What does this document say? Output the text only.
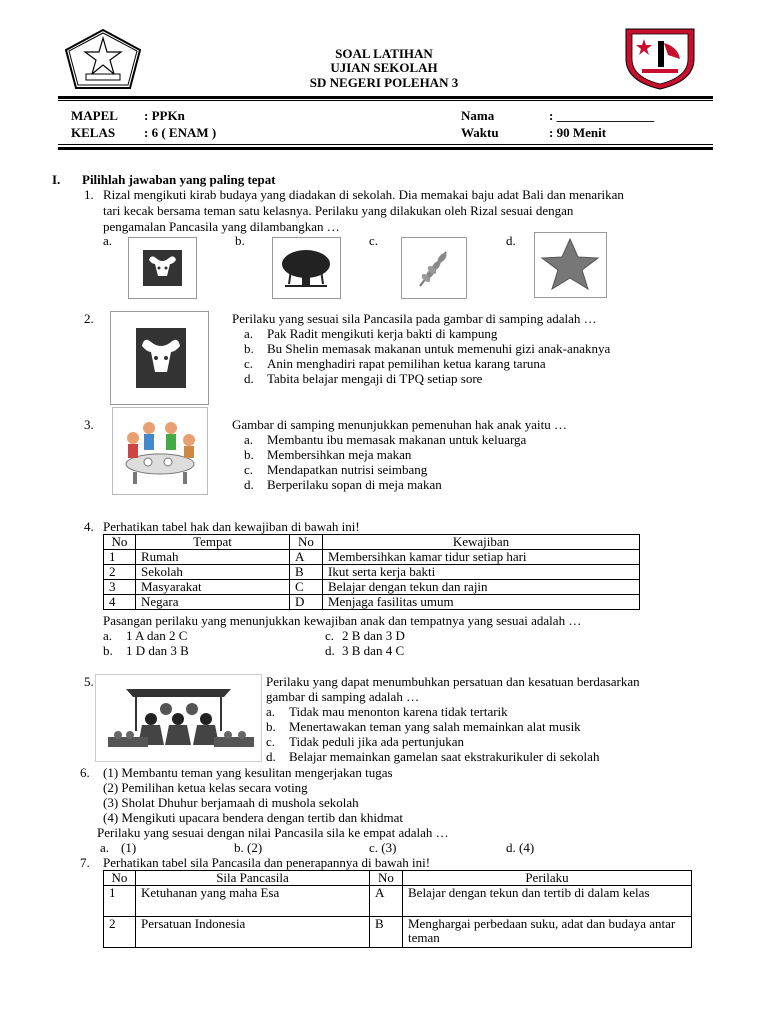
SOAL LATIHAN
UJIAN SEKOLAH
SD NEGERI POLEHAN 3
MAPEL : PPKn
KELAS : 6 ( ENAM )
Nama	: _______________
Waktu	: 90 Menit
I. Pilihlah jawaban yang paling tepat
1. Rizal mengikuti kirab budaya yang diadakan di sekolah. Dia memakai baju adat Bali dan menarikan
tari kecak bersama teman satu kelasnya. Perilaku yang dilakukan oleh Rizal sesuai dengan
pengamalan Pancasila yang dilambangkan …
a.	b.	c.	d.
2.	Perilaku yang sesuai sila Pancasila pada gambar di samping adalah …
a. Pak Radit mengikuti kerja bakti di kampung
b. Bu Shelin memasak makanan untuk memenuhi gizi anak-anaknya
c. Anin menghadiri rapat pemilihan ketua karang taruna
d. Tabita belajar mengaji di TPQ setiap sore
3.	Gambar di samping menunjukkan pemenuhan hak anak yaitu …
a. Membantu ibu memasak makanan untuk keluarga
b. Membersihkan meja makan
c. Mendapatkan nutrisi seimbang
d. Berperilaku sopan di meja makan
4. Perhatikan tabel hak dan kewajiban di bawah ini!
No	Tempat	No	Kewajiban
1	Rumah	A	Membersihkan kamar tidur setiap hari
2	Sekolah	B	Ikut serta kerja bakti
3	Masyarakat	C	Belajar dengan tekun dan rajin
4	Negara	D	Menjaga fasilitas umum
Pasangan perilaku yang menunjukkan kewajiban anak dan tempatnya yang sesuai adalah …
a. 1 A dan 2 C
b. 1 D dan 3 B
c. 2 B dan 3 D
d. 3 B dan 4 C
5.	Perilaku yang dapat menumbuhkan persatuan dan kesatuan berdasarkan
gambar di samping adalah …
a. Tidak mau menonton karena tidak tertarik
b. Menertawakan teman yang salah memainkan alat musik
c. Tidak peduli jika ada pertunjukan
d. Belajar memainkan gamelan saat ekstrakurikuler di sekolah
6. (1) Membantu teman yang kesulitan mengerjakan tugas
(2) Pemilihan ketua kelas secara voting
(3) Sholat Dhuhur berjamaah di mushola sekolah
(4) Mengikuti upacara bendera dengan tertib dan khidmat
Perilaku yang sesuai dengan nilai Pancasila sila ke empat adalah …
a. (1)	b. (2)	c. (3)	d. (4)
7. Perhatikan tabel sila Pancasila dan penerapannya di bawah ini!
No	Sila Pancasila	No	Perilaku
1	Ketuhanan yang maha Esa	A	Belajar dengan tekun dan tertib di dalam kelas
2	Persatuan Indonesia	B	Menghargai perbedaan suku, adat dan budaya antar teman
